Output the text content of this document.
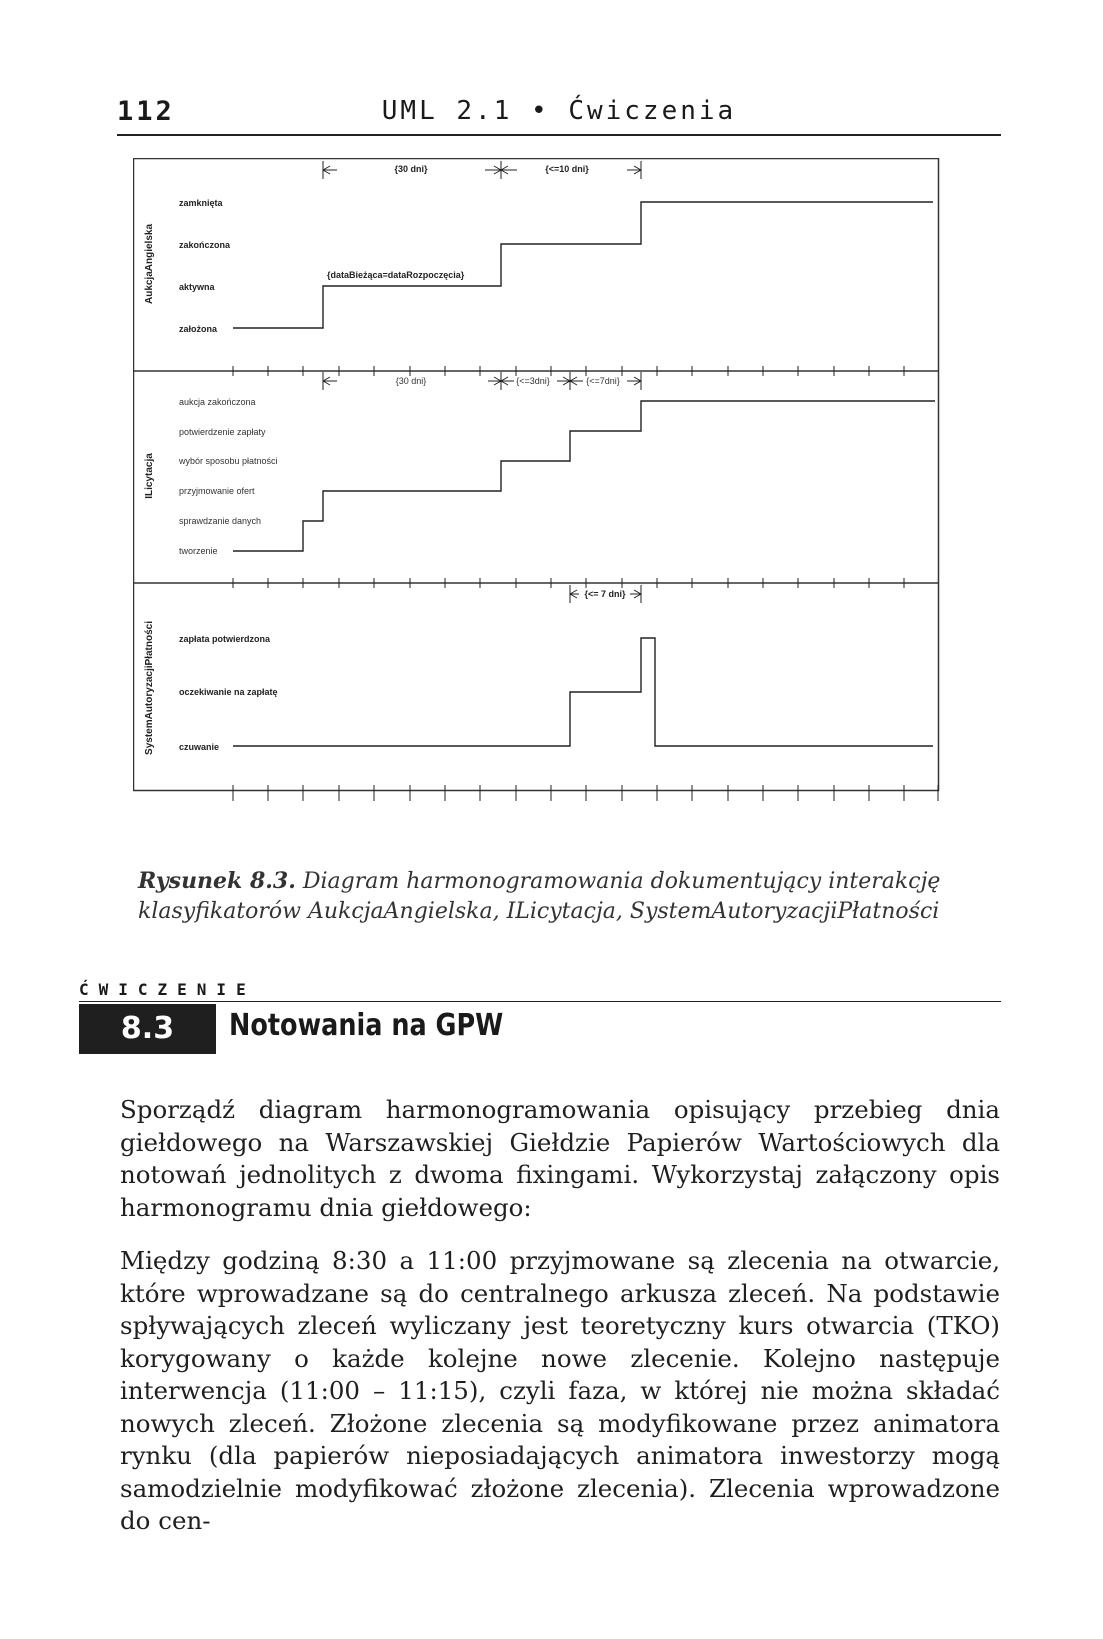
112	UML 2.1 • Ćwiczenia
AukcjaAngielska
ILicytacja
SystemAutoryzacjiPłatności
zamknięta
zakończona
aktywna
założona
{30 dni}	{<=10 dni}
{dataBieżąca=dataRozpoczęcia}
aukcja zakończona
potwierdzenie zapłaty
wybór sposobu płatności
przyjmowanie ofert
sprawdzanie danych
tworzenie
{30 dni}	{<=3dni}	{<=7dni}
zapłata potwierdzona
oczekiwanie na zapłatę
czuwanie
{<= 7 dni}
Rysunek 8.3. Diagram harmonogramowania dokumentujący interakcję klasyfikatorów AukcjaAngielska, ILicytacja, SystemAutoryzacjiPłatności
ĆWICZENIE
8.3	Notowania na GPW

Sporządź diagram harmonogramowania opisujący przebieg dnia giełdowego na Warszawskiej Giełdzie Papierów Wartościowych dla notowań jednolitych z dwoma fixingami. Wykorzystaj załączony opis harmonogramu dnia giełdowego:

Między godziną 8:30 a 11:00 przyjmowane są zlecenia na otwarcie, które wprowadzane są do centralnego arkusza zleceń. Na podstawie spływających zleceń wyliczany jest teoretyczny kurs otwarcia (TKO) korygowany o każde kolejne nowe zlecenie. Kolejno następuje interwencja (11:00 – 11:15), czyli faza, w której nie można składać nowych zleceń. Złożone zlecenia są modyfikowane przez animatora rynku (dla papierów nieposiadających animatora inwestorzy mogą samodzielnie modyfikować złożone zlecenia). Zlecenia wprowadzone do cen-
